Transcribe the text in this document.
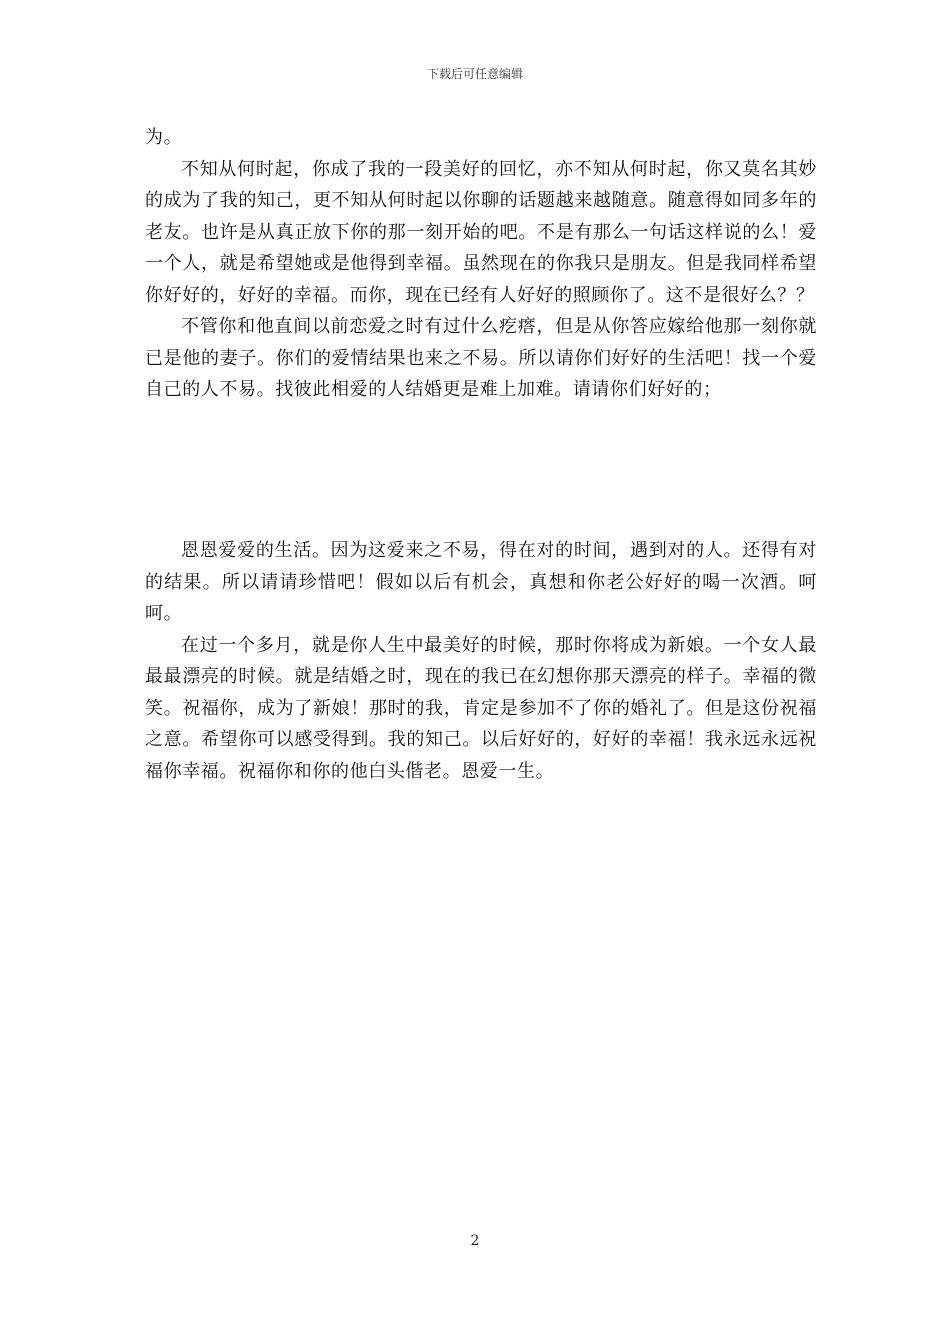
下载后可任意编辑

为。

不知从何时起，你成了我的一段美好的回忆，亦不知从何时起，你又莫名其妙的成为了我的知己，更不知从何时起以你聊的话题越来越随意。随意得如同多年的老友。也许是从真正放下你的那一刻开始的吧。不是有那么一句话这样说的么！爱一个人，就是希望她或是他得到幸福。虽然现在的你我只是朋友。但是我同样希望你好好的，好好的幸福。而你，现在已经有人好好的照顾你了。这不是很好么？？

不管你和他直间以前恋爱之时有过什么疙瘩，但是从你答应嫁给他那一刻你就已是他的妻子。你们的爱情结果也来之不易。所以请你们好好的生活吧！找一个爱自己的人不易。找彼此相爱的人结婚更是难上加难。请请你们好好的；

恩恩爱爱的生活。因为这爱来之不易，得在对的时间，遇到对的人。还得有对的结果。所以请请珍惜吧！假如以后有机会，真想和你老公好好的喝一次酒。呵呵。

在过一个多月，就是你人生中最美好的时候，那时你将成为新娘。一个女人最最最漂亮的时候。就是结婚之时，现在的我已在幻想你那天漂亮的样子。幸福的微笑。祝福你，成为了新娘！那时的我，肯定是参加不了你的婚礼了。但是这份祝福之意。希望你可以感受得到。我的知己。以后好好的，好好的幸福！我永远永远祝福你幸福。祝福你和你的他白头偕老。恩爱一生。

2
